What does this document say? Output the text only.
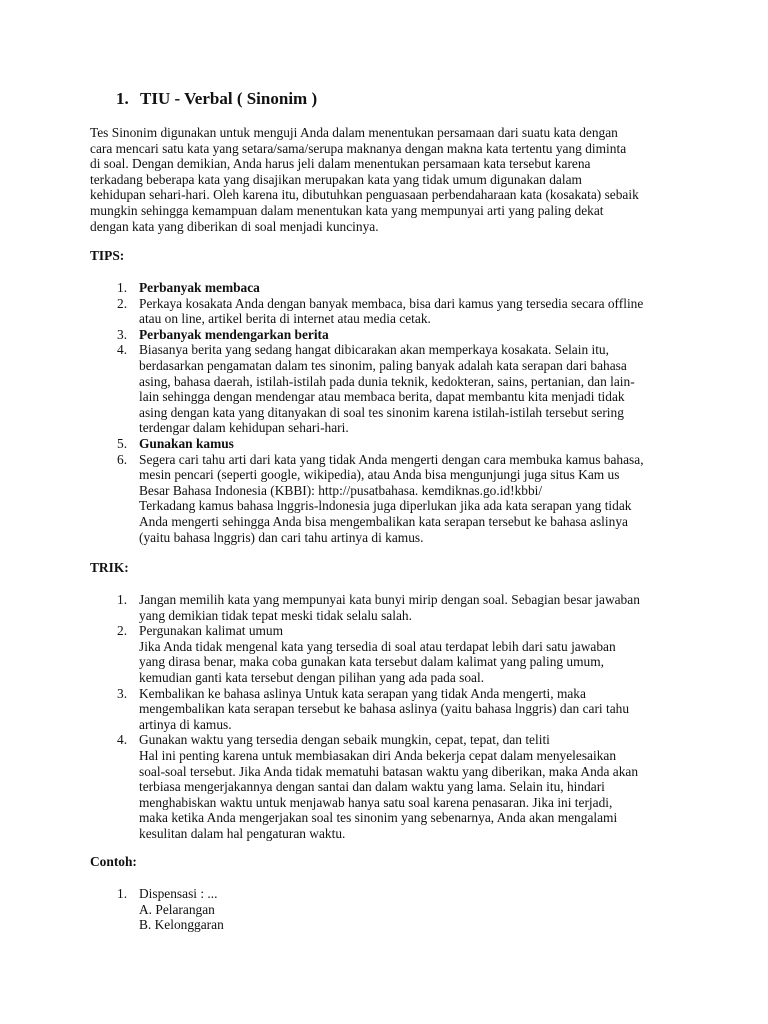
1. TIU - Verbal ( Sinonim )
Tes Sinonim digunakan untuk menguji Anda dalam menentukan persamaan dari suatu kata dengan
cara mencari satu kata yang setara/sama/serupa maknanya dengan makna kata tertentu yang diminta
di soal. Dengan demikian, Anda harus jeli dalam menentukan persamaan kata tersebut karena
terkadang beberapa kata yang disajikan merupakan kata yang tidak umum digunakan dalam
kehidupan sehari-hari. Oleh karena itu, dibutuhkan penguasaan perbendaharaan kata (kosakata) sebaik
mungkin sehingga kemampuan dalam menentukan kata yang mempunyai arti yang paling dekat
dengan kata yang diberikan di soal menjadi kuncinya.
TIPS:
1. Perbanyak membaca
2. Perkaya kosakata Anda dengan banyak membaca, bisa dari kamus yang tersedia secara offline
atau on line, artikel berita di internet atau media cetak.
3. Perbanyak mendengarkan berita
4. Biasanya berita yang sedang hangat dibicarakan akan memperkaya kosakata. Selain itu,
berdasarkan pengamatan dalam tes sinonim, paling banyak adalah kata serapan dari bahasa
asing, bahasa daerah, istilah-istilah pada dunia teknik, kedokteran, sains, pertanian, dan lain-
lain sehingga dengan mendengar atau membaca berita, dapat membantu kita menjadi tidak
asing dengan kata yang ditanyakan di soal tes sinonim karena istilah-istilah tersebut sering
terdengar dalam kehidupan sehari-hari.
5. Gunakan kamus
6. Segera cari tahu arti dari kata yang tidak Anda mengerti dengan cara membuka kamus bahasa,
mesin pencari (seperti google, wikipedia), atau Anda bisa mengunjungi juga situs Kam us
Besar Bahasa Indonesia (KBBI): http://pusatbahasa. kemdiknas.go.id!kbbi/
Terkadang kamus bahasa lnggris-lndonesia juga diperlukan jika ada kata serapan yang tidak
Anda mengerti sehingga Anda bisa mengembalikan kata serapan tersebut ke bahasa aslinya
(yaitu bahasa lnggris) dan cari tahu artinya di kamus.
TRIK:
1. Jangan memilih kata yang mempunyai kata bunyi mirip dengan soal. Sebagian besar jawaban
yang demikian tidak tepat meski tidak selalu salah.
2. Pergunakan kalimat umum
Jika Anda tidak mengenal kata yang tersedia di soal atau terdapat lebih dari satu jawaban
yang dirasa benar, maka coba gunakan kata tersebut dalam kalimat yang paling umum,
kemudian ganti kata tersebut dengan pilihan yang ada pada soal.
3. Kembalikan ke bahasa aslinya Untuk kata serapan yang tidak Anda mengerti, maka
mengembalikan kata serapan tersebut ke bahasa aslinya (yaitu bahasa lnggris) dan cari tahu
artinya di kamus.
4. Gunakan waktu yang tersedia dengan sebaik mungkin, cepat, tepat, dan teliti
Hal ini penting karena untuk membiasakan diri Anda bekerja cepat dalam menyelesaikan
soal-soal tersebut. Jika Anda tidak mematuhi batasan waktu yang diberikan, maka Anda akan
terbiasa mengerjakannya dengan santai dan dalam waktu yang lama. Selain itu, hindari
menghabiskan waktu untuk menjawab hanya satu soal karena penasaran. Jika ini terjadi,
maka ketika Anda mengerjakan soal tes sinonim yang sebenarnya, Anda akan mengalami
kesulitan dalam hal pengaturan waktu.
Contoh:
1. Dispensasi : ...
A. Pelarangan
B. Kelonggaran
